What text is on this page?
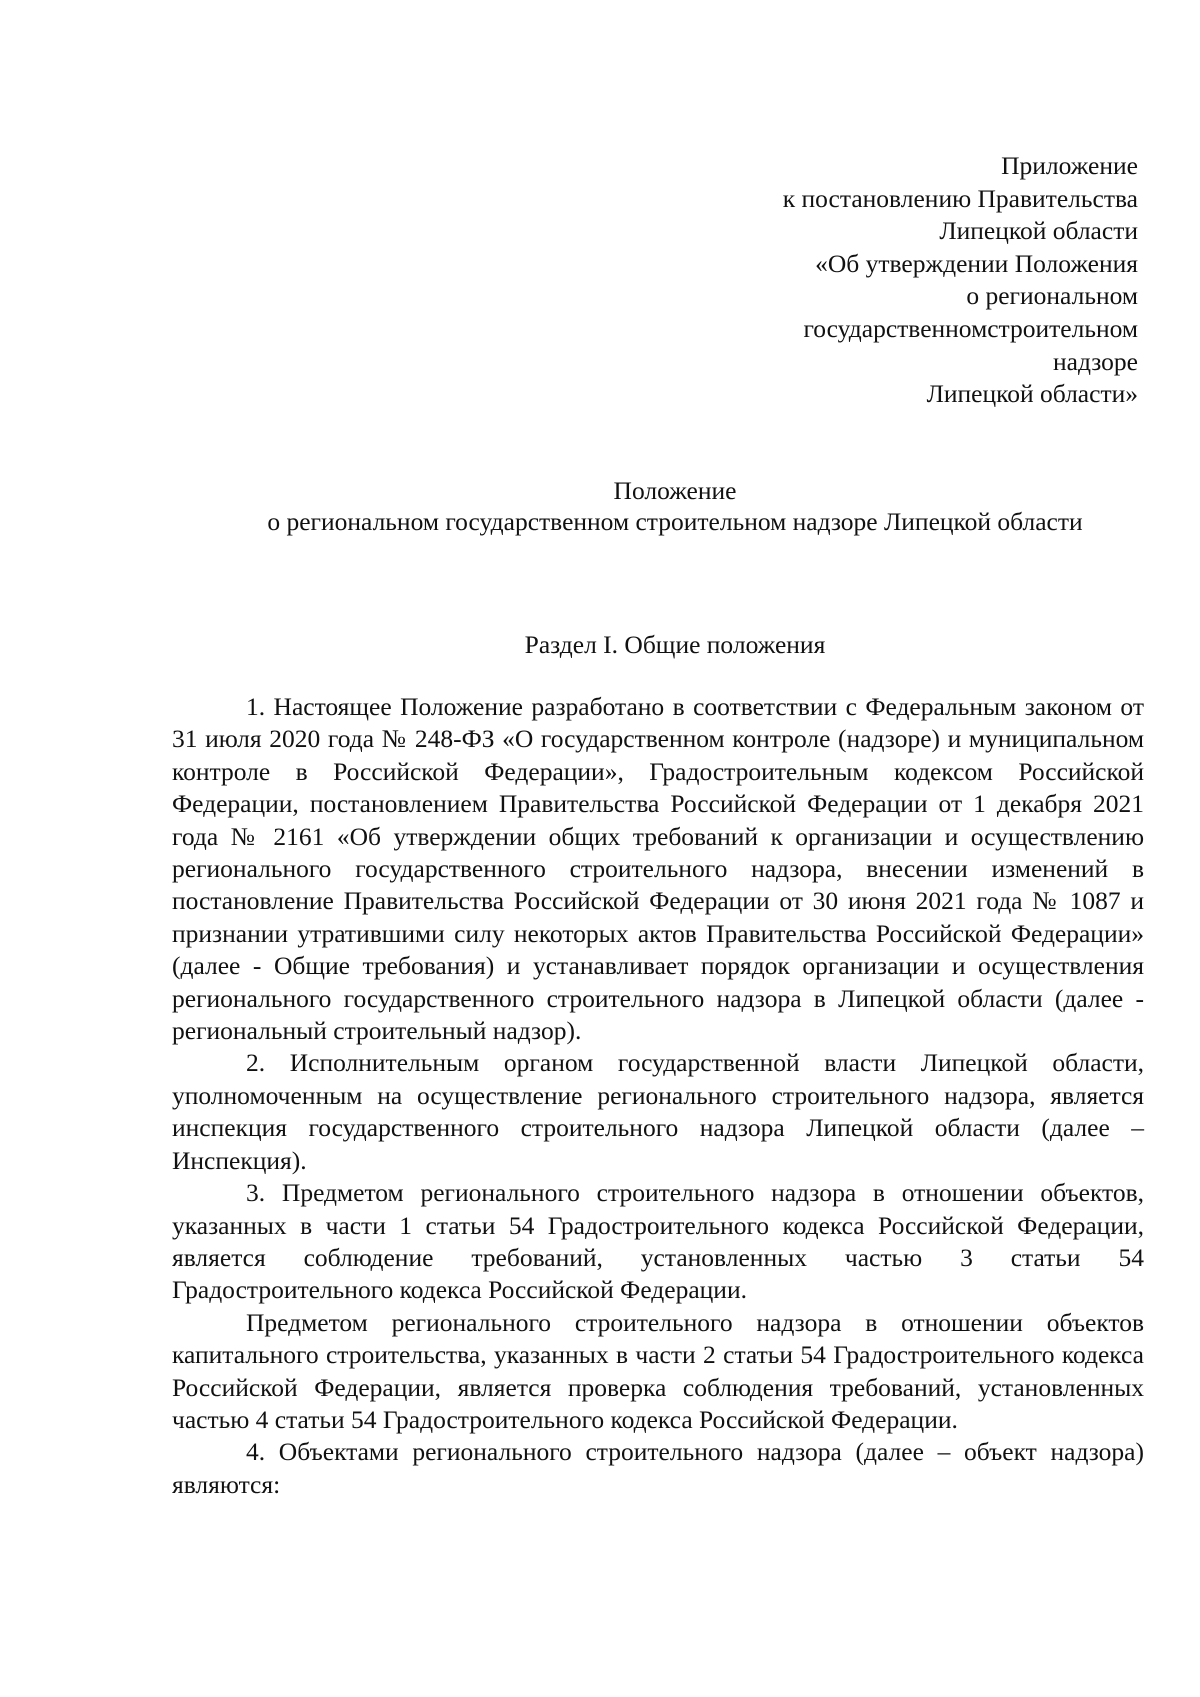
Приложение
к постановлению Правительства
Липецкой области
«Об утверждении Положения
о региональном
государственномстроительном
надзоре
Липецкой области»
Положение
о региональном государственном строительном надзоре Липецкой области
Раздел I. Общие положения

1. Настоящее Положение разработано в соответствии с Федеральным законом от 31 июля 2020 года № 248-ФЗ «О государственном контроле (надзоре) и муниципальном контроле в Российской Федерации», Градостроительным кодексом Российской Федерации, постановлением Правительства Российской Федерации от 1 декабря 2021 года № 2161 «Об утверждении общих требований к организации и осуществлению регионального государственного строительного надзора, внесении изменений в постановление Правительства Российской Федерации от 30 июня 2021 года № 1087 и признании утратившими силу некоторых актов Правительства Российской Федерации» (далее - Общие требования) и устанавливает порядок организации и осуществления регионального государственного строительного надзора в Липецкой области (далее - региональный строительный надзор).

2. Исполнительным органом государственной власти Липецкой области, уполномоченным на осуществление регионального строительного надзора, является инспекция государственного строительного надзора Липецкой области (далее – Инспекция).

3. Предметом регионального строительного надзора в отношении объектов, указанных в части 1 статьи 54 Градостроительного кодекса Российской Федерации, является соблюдение требований, установленных частью 3 статьи 54 Градостроительного кодекса Российской Федерации.

Предметом регионального строительного надзора в отношении объектов капитального строительства, указанных в части 2 статьи 54 Градостроительного кодекса Российской Федерации, является проверка соблюдения требований, установленных частью 4 статьи 54 Градостроительного кодекса Российской Федерации.

4. Объектами регионального строительного надзора (далее – объект надзора) являются:
